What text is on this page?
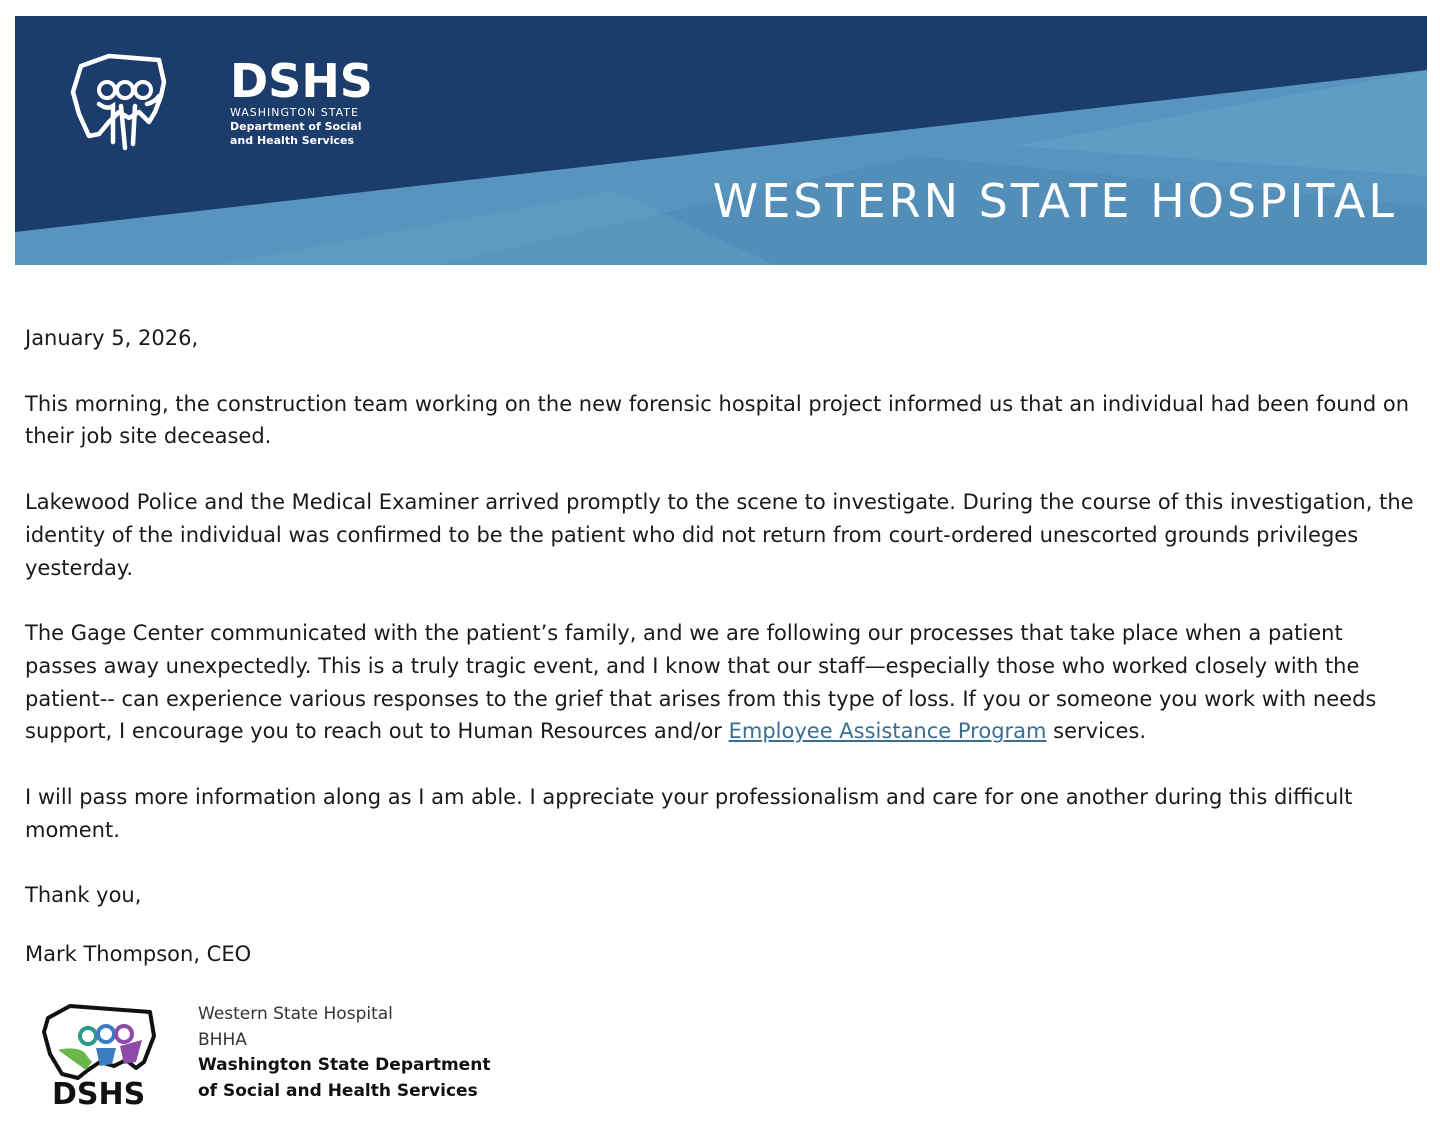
DSHS
WASHINGTON STATE
Department of Social
and Health Services
WESTERN STATE HOSPITAL

January 5, 2026,

This morning, the construction team working on the new forensic hospital project informed us that an individual had been found on their job site deceased.

Lakewood Police and the Medical Examiner arrived promptly to the scene to investigate. During the course of this investigation, the identity of the individual was confirmed to be the patient who did not return from court-ordered unescorted grounds privileges yesterday.

The Gage Center communicated with the patient’s family, and we are following our processes that take place when a patient passes away unexpectedly. This is a truly tragic event, and I know that our staff—especially those who worked closely with the patient-- can experience various responses to the grief that arises from this type of loss. If you or someone you work with needs support, I encourage you to reach out to Human Resources and/or Employee Assistance Program services.

I will pass more information along as I am able. I appreciate your professionalism and care for one another during this difficult moment.

Thank you,

Mark Thompson, CEO

DSHS
Western State Hospital
BHHA
Washington State Department
of Social and Health Services
